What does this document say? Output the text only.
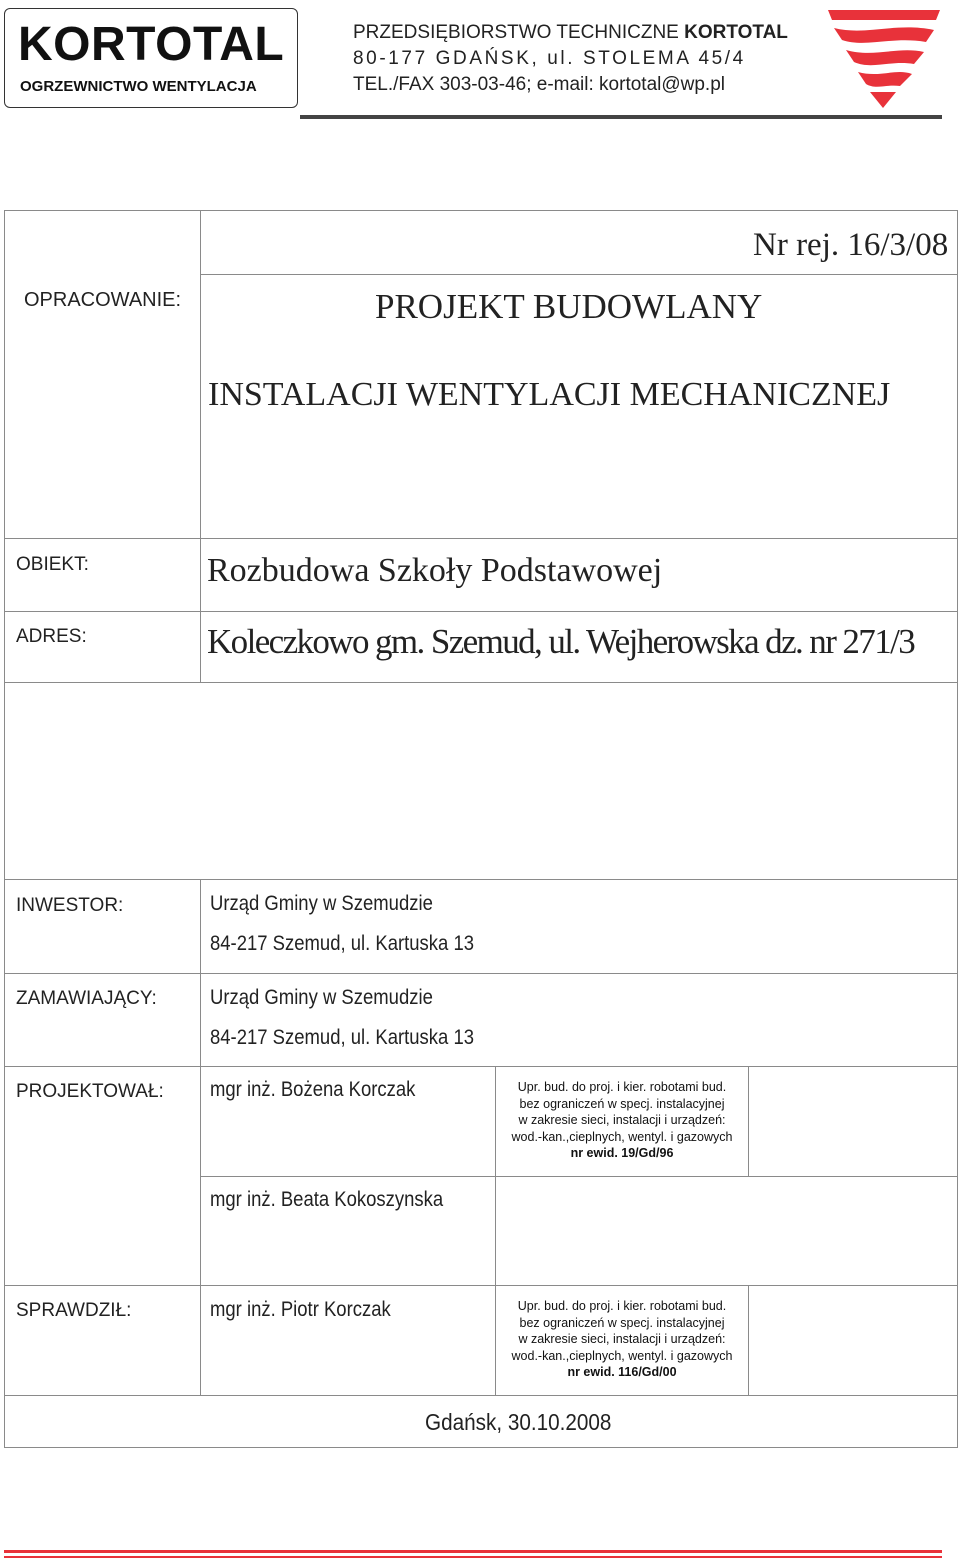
KORTOTAL
OGRZEWNICTWO WENTYLACJA
PRZEDSIĘBIORSTWO TECHNICZNE KORTOTAL
80-177 GDAŃSK, ul. STOLEMA 45/4
TEL./FAX 303-03-46; e-mail: kortotal@wp.pl
OPRACOWANIE:
Nr rej. 16/3/08
PROJEKT BUDOWLANY
INSTALACJI WENTYLACJI MECHANICZNEJ
OBIEKT:	Rozbudowa Szkoły Podstawowej
ADRES:	Koleczkowo gm. Szemud, ul. Wejherowska dz. nr 271/3
INWESTOR:	Urząd Gminy w Szemudzie
84-217 Szemud, ul. Kartuska 13
ZAMAWIAJĄCY:	Urząd Gminy w Szemudzie
84-217 Szemud, ul. Kartuska 13
PROJEKTOWAŁ: mgr inż. Bożena Korczak	Upr. bud. do proj. i kier. robotami bud.
bez ograniczeń w specj. instalacyjnej
w zakresie sieci, instalacji i urządzeń:
wod.-kan.,cieplnych, wentyl. i gazowych
nr ewid. 19/Gd/96
mgr inż. Beata Kokoszynska
SPRAWDZIŁ:	mgr inż. Piotr Korczak	Upr. bud. do proj. i kier. robotami bud.
bez ograniczeń w specj. instalacyjnej
w zakresie sieci, instalacji i urządzeń:
wod.-kan.,cieplnych, wentyl. i gazowych
nr ewid. 116/Gd/00
Gdańsk, 30.10.2008
